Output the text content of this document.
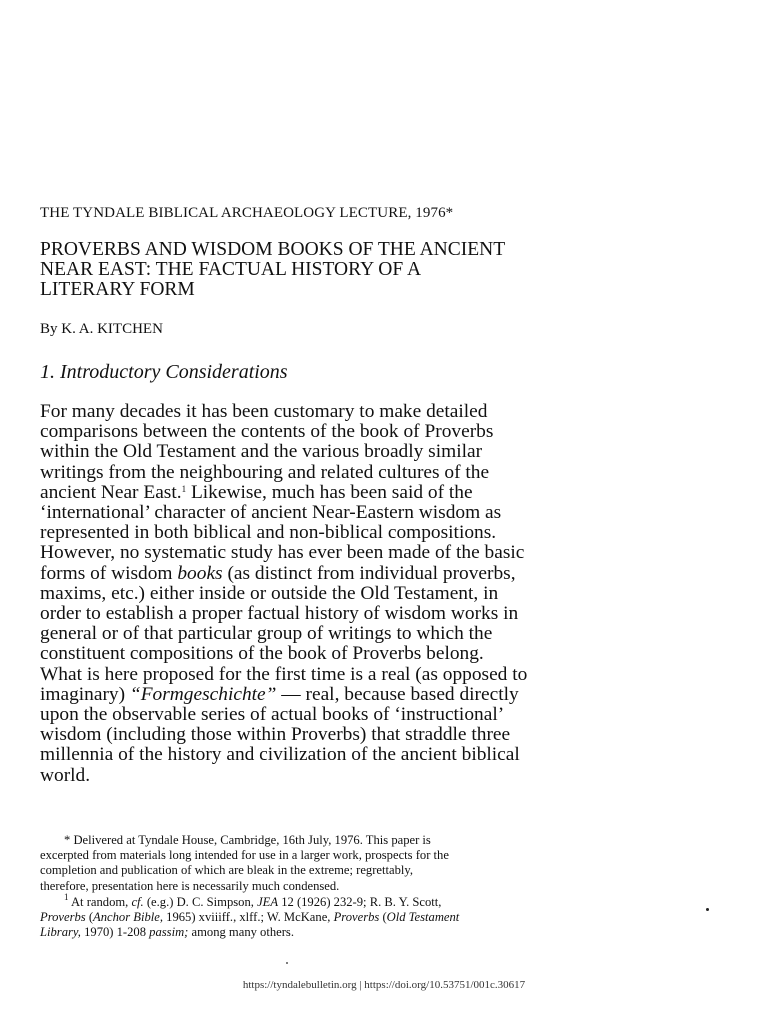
THE TYNDALE BIBLICAL ARCHAEOLOGY LECTURE, 1976*
PROVERBS AND WISDOM BOOKS OF THE ANCIENT
NEAR EAST: THE FACTUAL HISTORY OF A
LITERARY FORM
By K. A. KITCHEN
1. Introductory Considerations
For many decades it has been customary to make detailed
comparisons between the contents of the book of Proverbs
within the Old Testament and the various broadly similar
writings from the neighbouring and related cultures of the
ancient Near East.$^1$ Likewise, much has been said of the
‘international’ character of ancient Near-Eastern wisdom as
represented in both biblical and non-biblical compositions.
However, no systematic study has ever been made of the basic
forms of wisdom books (as distinct from individual proverbs,
maxims, etc.) either inside or outside the Old Testament, in
order to establish a proper factual history of wisdom works in
general or of that particular group of writings to which the
constituent compositions of the book of Proverbs belong.
What is here proposed for the first time is a real (as opposed to
imaginary) “Formgeschichte” — real, because based directly
upon the observable series of actual books of ‘instructional’
wisdom (including those within Proverbs) that straddle three
millennia of the history and civilization of the ancient biblical
world.
* Delivered at Tyndale House, Cambridge, 16th July, 1976. This paper is
excerpted from materials long intended for use in a larger work, prospects for the
completion and publication of which are bleak in the extreme; regrettably,
therefore, presentation here is necessarily much condensed.
$^1$ At random, cf. (e.g.) D. C. Simpson, JEA 12 (1926) 232-9; R. B. Y. Scott,
Proverbs (Anchor Bible, 1965) xviiiff., xlff.; W. McKane, Proverbs (Old Testament
Library, 1970) 1-208 passim; among many others.
https://tyndalebulletin.org | https://doi.org/10.53751/001c.30617
